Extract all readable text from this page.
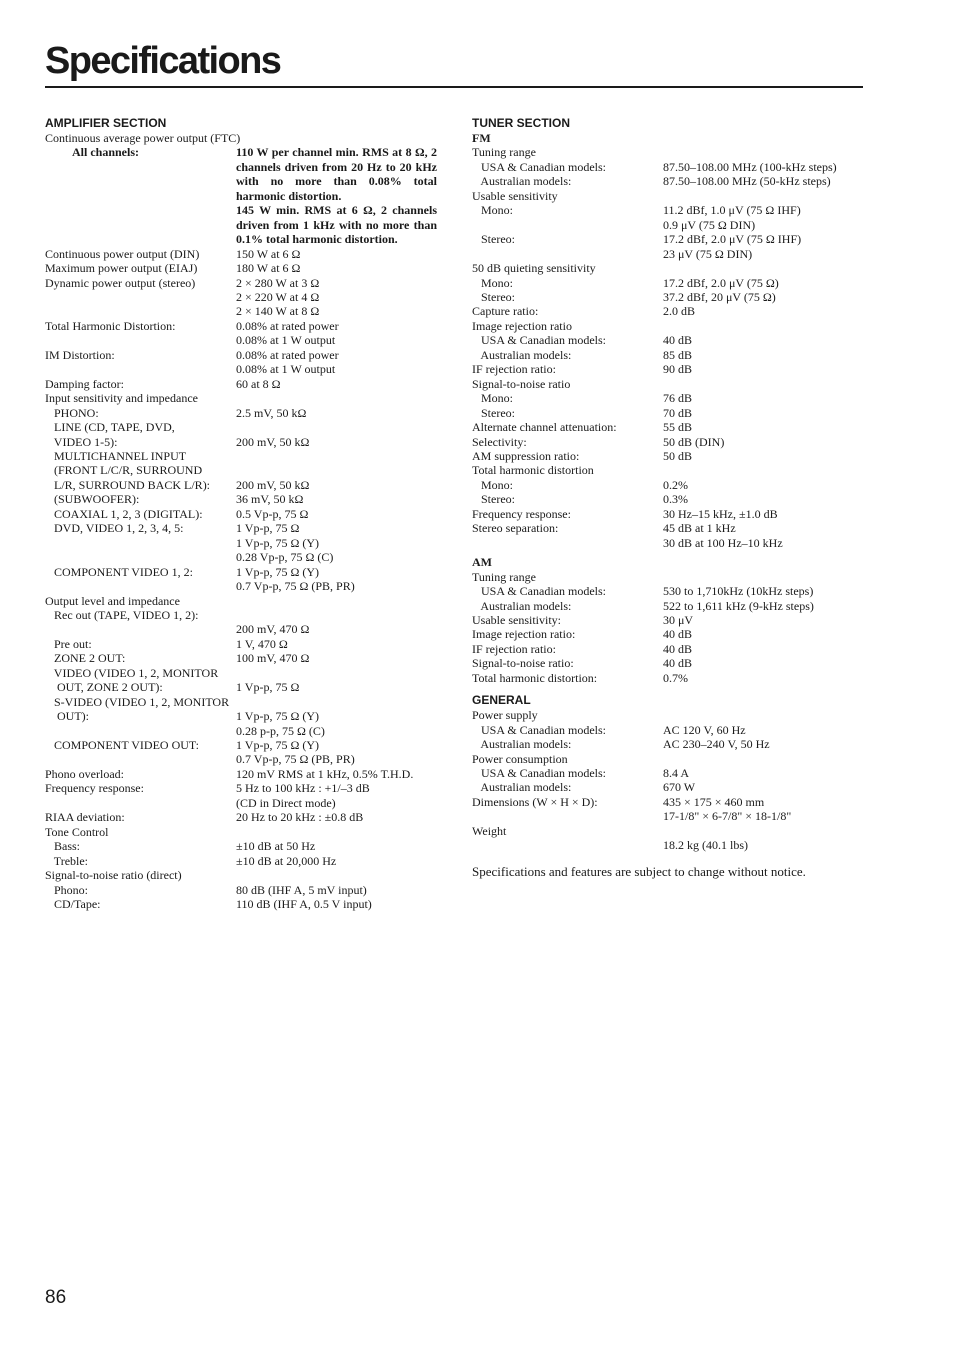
Specifications
AMPLIFIER SECTION
Continuous average power output (FTC)
All channels:	110 W per channel min. RMS at 8 Ω, 2 channels driven from 20 Hz to 20 kHz with no more than 0.08% total harmonic distortion.
145 W min. RMS at 6 Ω, 2 channels driven from 1 kHz with no more than 0.1% total harmonic distortion.
Continuous power output (DIN)	150 W at 6 Ω
Maximum power output (EIAJ)	180 W at 6 Ω
Dynamic power output (stereo)	2 × 280 W at 3 Ω
2 × 220 W at 4 Ω
2 × 140 W at 8 Ω
Total Harmonic Distortion:	0.08% at rated power
0.08% at 1 W output
IM Distortion:	0.08% at rated power
0.08% at 1 W output
Damping factor:	60 at 8 Ω
Input sensitivity and impedance
PHONO:	2.5 mV, 50 kΩ
LINE (CD, TAPE, DVD,
VIDEO 1-5):	200 mV, 50 kΩ
MULTICHANNEL INPUT
(FRONT L/C/R, SURROUND
L/R, SURROUND BACK L/R):	200 mV, 50 kΩ
(SUBWOOFER):	36 mV, 50 kΩ
COAXIAL 1, 2, 3 (DIGITAL):	0.5 Vp-p, 75 Ω
DVD, VIDEO 1, 2, 3, 4, 5:	1 Vp-p, 75 Ω
1 Vp-p, 75 Ω (Y)
0.28 Vp-p, 75 Ω (C)
COMPONENT VIDEO 1, 2:	1 Vp-p, 75 Ω (Y)
0.7 Vp-p, 75 Ω (PB, PR)
Output level and impedance
Rec out (TAPE, VIDEO 1, 2):
200 mV, 470 Ω
Pre out:	1 V, 470 Ω
ZONE 2 OUT:	100 mV, 470 Ω
VIDEO (VIDEO 1, 2, MONITOR
OUT, ZONE 2 OUT):	1 Vp-p, 75 Ω
S-VIDEO (VIDEO 1, 2, MONITOR
OUT):	1 Vp-p, 75 Ω (Y)
0.28 p-p, 75 Ω (C)
COMPONENT VIDEO OUT:	1 Vp-p, 75 Ω (Y)
0.7 Vp-p, 75 Ω (PB, PR)
Phono overload:	120 mV RMS at 1 kHz, 0.5% T.H.D.
Frequency response:	5 Hz to 100 kHz : +1/–3 dB
(CD in Direct mode)
RIAA deviation:	20 Hz to 20 kHz : ±0.8 dB
Tone Control
Bass:	±10 dB at 50 Hz
Treble:	±10 dB at 20,000 Hz
Signal-to-noise ratio (direct)
Phono:	80 dB (IHF A, 5 mV input)
CD/Tape:	110 dB (IHF A, 0.5 V input)
TUNER SECTION
FM
Tuning range
USA & Canadian models:	87.50–108.00 MHz (100-kHz steps)
Australian models:	87.50–108.00 MHz (50-kHz steps)
Usable sensitivity
Mono:	11.2 dBf, 1.0 μV (75 Ω IHF)
0.9 μV (75 Ω DIN)
Stereo:	17.2 dBf, 2.0 μV (75 Ω IHF)
23 μV (75 Ω DIN)
50 dB quieting sensitivity
Mono:	17.2 dBf, 2.0 μV (75 Ω)
Stereo:	37.2 dBf, 20 μV (75 Ω)
Capture ratio:	2.0 dB
Image rejection ratio
USA & Canadian models:	40 dB
Australian models:	85 dB
IF rejection ratio:	90 dB
Signal-to-noise ratio
Mono:	76 dB
Stereo:	70 dB
Alternate channel attenuation:	55 dB
Selectivity:	50 dB (DIN)
AM suppression ratio:	50 dB
Total harmonic distortion
Mono:	0.2%
Stereo:	0.3%
Frequency response:	30 Hz–15 kHz, ±1.0 dB
Stereo separation:	45 dB at 1 kHz
30 dB at 100 Hz–10 kHz
AM
Tuning range
USA & Canadian models:	530 to 1,710kHz (10kHz steps)
Australian models:	522 to 1,611 kHz (9-kHz steps)
Usable sensitivity:	30 μV
Image rejection ratio:	40 dB
IF rejection ratio:	40 dB
Signal-to-noise ratio:	40 dB
Total harmonic distortion:	0.7%
GENERAL
Power supply
USA & Canadian models:	AC 120 V, 60 Hz
Australian models:	AC 230–240 V, 50 Hz
Power consumption
USA & Canadian models:	8.4 A
Australian models:	670 W
Dimensions (W × H × D):	435 × 175 × 460 mm
17-1/8" × 6-7/8" × 18-1/8"
Weight
18.2 kg (40.1 lbs)
Specifications and features are subject to change without notice.
86
